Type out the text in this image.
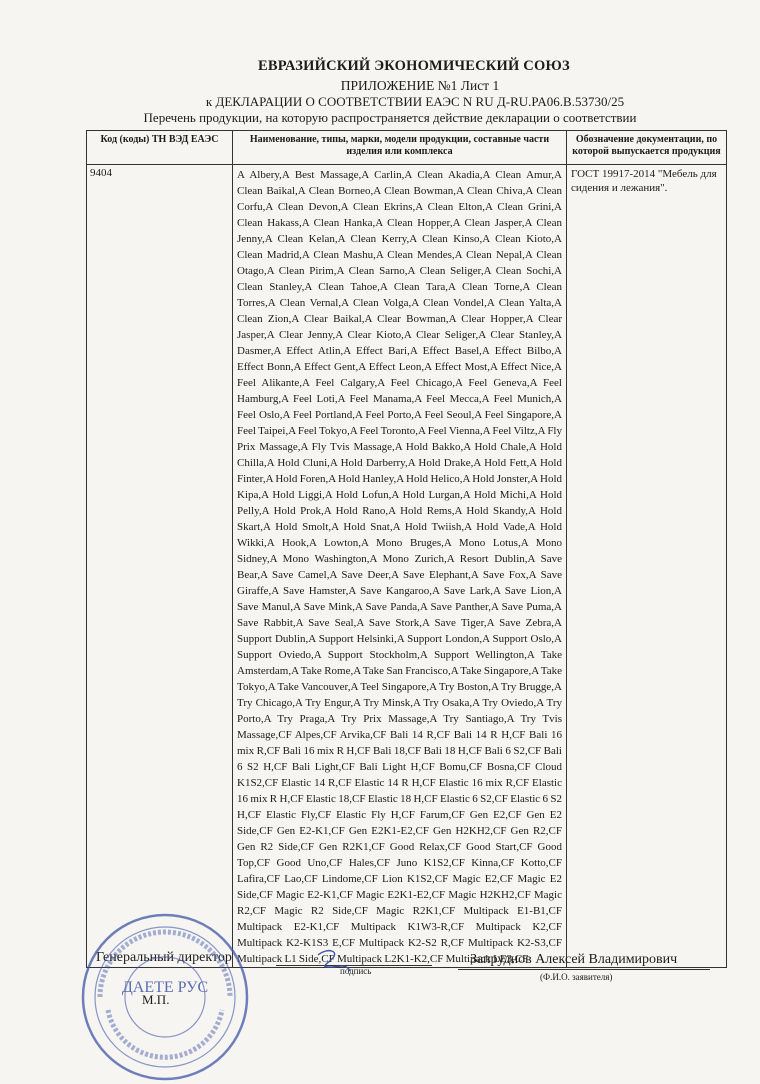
ЕВРАЗИЙСКИЙ ЭКОНОМИЧЕСКИЙ СОЮЗ
ПРИЛОЖЕНИЕ №1 Лист 1
к ДЕКЛАРАЦИИ О СООТВЕТСТВИИ ЕАЭС N RU Д-RU.PA06.B.53730/25
Перечень продукции, на которую распространяется действие декларации о соответствии
Код (коды) ТН ВЭД ЕАЭС	Наименование, типы, марки, модели продукции, составные части изделия или комплекса	Обозначение документации, по которой выпускается продукция
9404	A Albery,A Best Massage,A Carlin,A Clean Akadia,A Clean Amur,A Clean Baikal,A Clean Borneo,A Clean Bowman,A Clean Chiva,A Clean Corfu,A Clean Devon,A Clean Ekrins,A Clean Elton,A Clean Grini,A Clean Hakass,A Clean Hanka,A Clean Hopper,A Clean Jasper,A Clean Jenny,A Clean Kelan,A Clean Kerry,A Clean Kinso,A Clean Kioto,A Clean Madrid,A Clean Mashu,A Clean Mendes,A Clean Nepal,A Clean Otago,A Clean Pirim,A Clean Sarno,A Clean Seliger,A Clean Sochi,A Clean Stanley,A Clean Tahoe,A Clean Tara,A Clean Torne,A Clean Torres,A Clean Vernal,A Clean Volga,A Clean Vondel,A Clean Yalta,A Clean Zion,A Clear Baikal,A Clear Bowman,A Clear Hopper,A Clear Jasper,A Clear Jenny,A Clear Kioto,A Clear Seliger,A Clear Stanley,A Dasmer,A Effect Atlin,A Effect Bari,A Effect Basel,A Effect Bilbo,A Effect Bonn,A Effect Gent,A Effect Leon,A Effect Most,A Effect Nice,A Feel Alikante,A Feel Calgary,A Feel Chicago,A Feel Geneva,A Feel Hamburg,A Feel Loti,A Feel Manama,A Feel Mecca,A Feel Munich,A Feel Oslo,A Feel Portland,A Feel Porto,A Feel Seoul,A Feel Singapore,A Feel Taipei,A Feel Tokyo,A Feel Toronto,A Feel Vienna,A Feel Viltz,A Fly Prix Massage,A Fly Tvis Massage,A Hold Bakko,A Hold Chale,A Hold Chilla,A Hold Cluni,A Hold Darberry,A Hold Drake,A Hold Fett,A Hold Finter,A Hold Foren,A Hold Hanley,A Hold Helico,A Hold Jonster,A Hold Kipa,A Hold Liggi,A Hold Lofun,A Hold Lurgan,A Hold Michi,A Hold Pelly,A Hold Prok,A Hold Rano,A Hold Rems,A Hold Skandy,A Hold Skart,A Hold Smolt,A Hold Snat,A Hold Twiish,A Hold Vade,A Hold Wikki,A Hook,A Lowton,A Mono Bruges,A Mono Lotus,A Mono Sidney,A Mono Washington,A Mono Zurich,A Resort Dublin,A Save Bear,A Save Camel,A Save Deer,A Save Elephant,A Save Fox,A Save Giraffe,A Save Hamster,A Save Kangaroo,A Save Lark,A Save Lion,A Save Manul,A Save Mink,A Save Panda,A Save Panther,A Save Puma,A Save Rabbit,A Save Seal,A Save Stork,A Save Tiger,A Save Zebra,A Support Dublin,A Support Helsinki,A Support London,A Support Oslo,A Support Oviedo,A Support Stockholm,A Support Wellington,A Take Amsterdam,A Take Rome,A Take San Francisco,A Take Singapore,A Take Tokyo,A Take Vancouver,A Teel Singapore,A Try Boston,A Try Brugge,A Try Chicago,A Try Engur,A Try Minsk,A Try Osaka,A Try Oviedo,A Try Porto,A Try Praga,A Try Prix Massage,A Try Santiago,A Try Tvis Massage,CF Alpes,CF Arvika,CF Bali 14 R,CF Bali 14 R H,CF Bali 16 mix R,CF Bali 16 mix R H,CF Bali 18,CF Bali 18 H,CF Bali 6 S2,CF Bali 6 S2 H,CF Bali Light,CF Bali Light H,CF Bomu,CF Bosna,CF Cloud K1S2,CF Elastic 14 R,CF Elastic 14 R H,CF Elastic 16 mix R,CF Elastic 16 mix R H,CF Elastic 18,CF Elastic 18 H,CF Elastic 6 S2,CF Elastic 6 S2 H,CF Elastic Fly,CF Elastic Fly H,CF Farum,CF Gen E2,CF Gen E2 Side,CF Gen E2-K1,CF Gen E2K1-E2,CF Gen H2KH2,CF Gen R2,CF Gen R2 Side,CF Gen R2K1,CF Good Relax,CF Good Start,CF Good Top,CF Good Uno,CF Hales,CF Juno K1S2,CF Kinna,CF Kotto,CF Lafira,CF Lao,CF Lindome,CF Lion K1S2,CF Magic E2,CF Magic E2 Side,CF Magic E2-K1,CF Magic E2K1-E2,CF Magic H2KH2,CF Magic R2,CF Magic R2 Side,CF Magic R2K1,CF Multipack E1-B1,CF Multipack E2-K1,CF Multipack K1W3-R,CF Multipack K2,CF Multipack K2-K1S3 E,CF Multipack K2-S2 R,CF Multipack K2-S3,CF Multipack L1 Side,CF Multipack L2K1-K2,CF Multipack LE3,CF	ГОСТ 19917-2014 "Мебель для сидения и лежания".
Генеральный директор
подпись
Запруднов Алексей Владимирович
(Ф.И.О. заявителя)
М.П.
ДАЕТЕ РУС
